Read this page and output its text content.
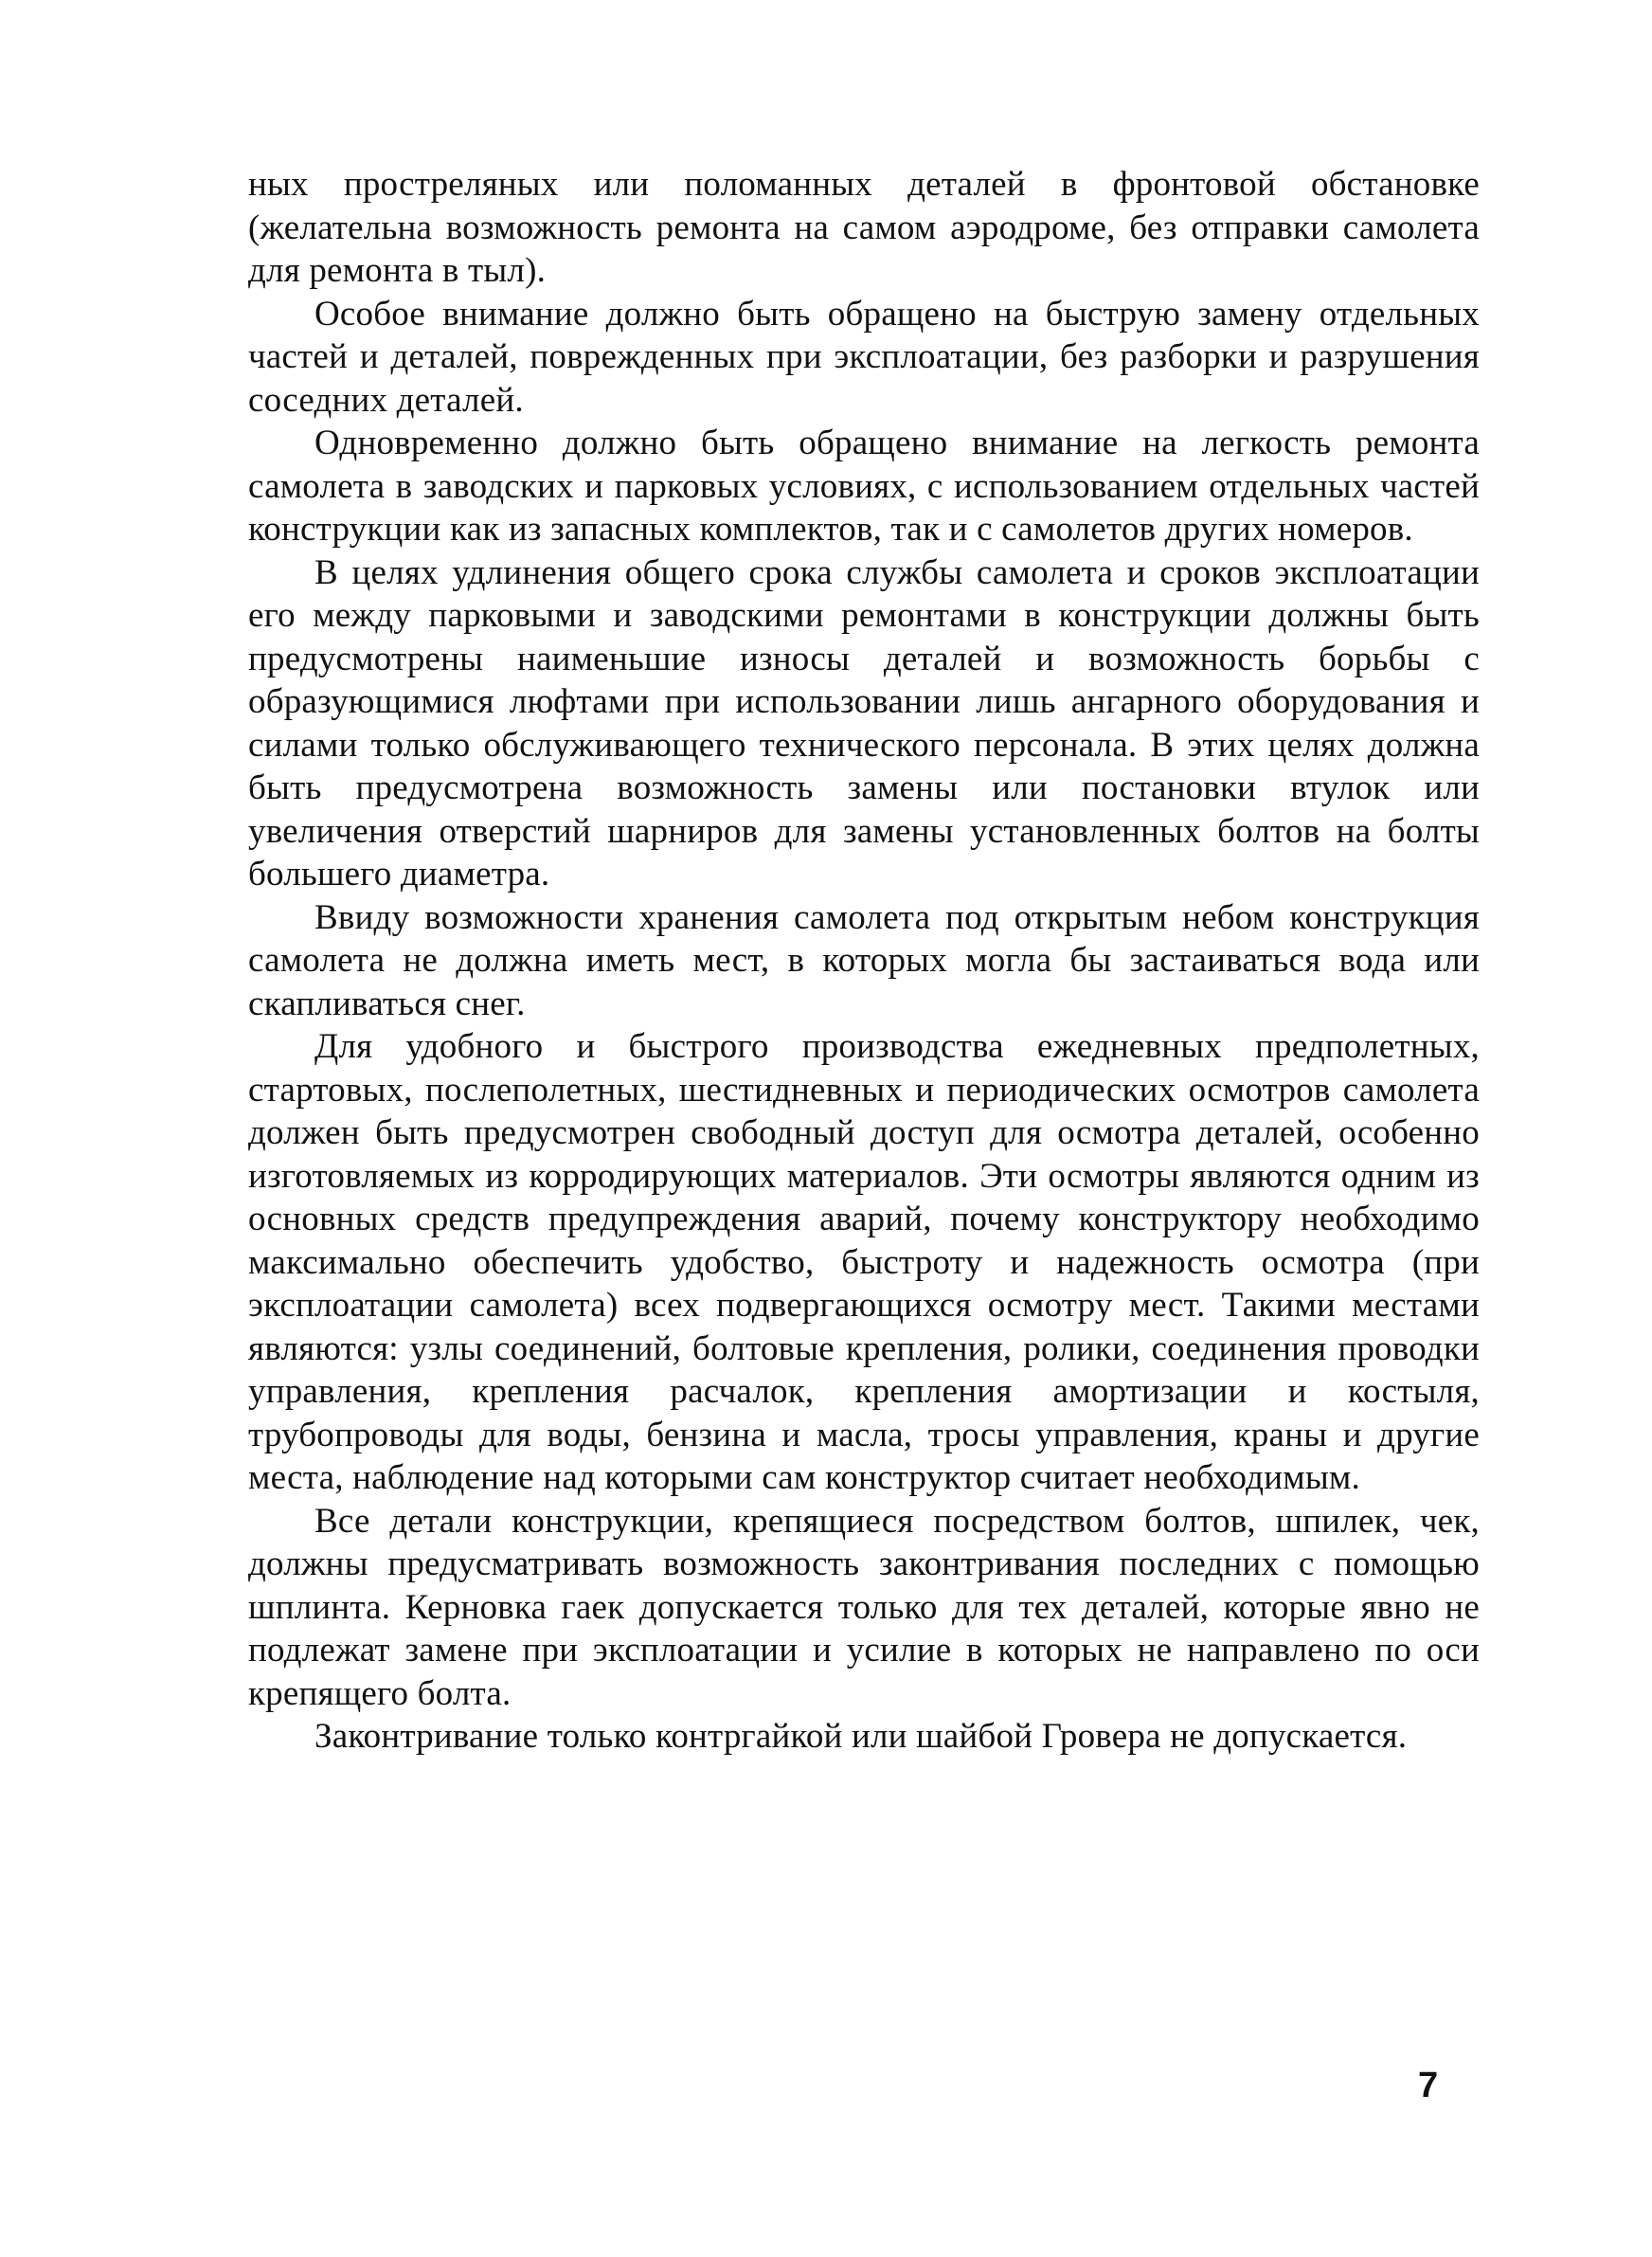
ных простреляных или поломанных деталей в фронтовой обстановке (желательна возможность ремонта на самом аэродроме, без отправки самолета для ремонта в тыл).

Особое внимание должно быть обращено на быструю замену отдельных частей и деталей, поврежденных при эксплоатации, без разборки и разрушения соседних деталей.

Одновременно должно быть обращено внимание на легкость ремонта самолета в заводских и парковых условиях, с использованием отдельных частей конструкции как из запасных комплектов, так и с самолетов других номеров.

В целях удлинения общего срока службы самолета и сроков эксплоатации его между парковыми и заводскими ремонтами в конструкции должны быть предусмотрены наименьшие износы деталей и возможность борьбы с образующимися люфтами при использовании лишь ангарного оборудования и силами только обслуживающего технического персонала. В этих целях должна быть предусмотрена возможность замены или постановки втулок или увеличения отверстий шарниров для замены установленных болтов на болты большего диаметра.

Ввиду возможности хранения самолета под открытым небом конструкция самолета не должна иметь мест, в которых могла бы застаиваться вода или скапливаться снег.

Для удобного и быстрого производства ежедневных предполетных, стартовых, послеполетных, шестидневных и периодических осмотров самолета должен быть предусмотрен свободный доступ для осмотра деталей, особенно изготовляемых из корродирующих материалов. Эти осмотры являются одним из основных средств предупреждения аварий, почему конструктору необходимо максимально обеспечить удобство, быстроту и надежность осмотра (при эксплоатации самолета) всех подвергающихся осмотру мест. Такими местами являются: узлы соединений, болтовые крепления, ролики, соединения проводки управления, крепления расчалок, крепления амортизации и костыля, трубопроводы для воды, бензина и масла, тросы управления, краны и другие места, наблюдение над которыми сам конструктор считает необходимым.

Все детали конструкции, крепящиеся посредством болтов, шпилек, чек, должны предусматривать возможность законтривания последних с помощью шплинта. Керновка гаек допускается только для тех деталей, которые явно не подлежат замене при эксплоатации и усилие в которых не направлено по оси крепящего болта.

Законтривание только контргайкой или шайбой Гровера не допускается.

7
